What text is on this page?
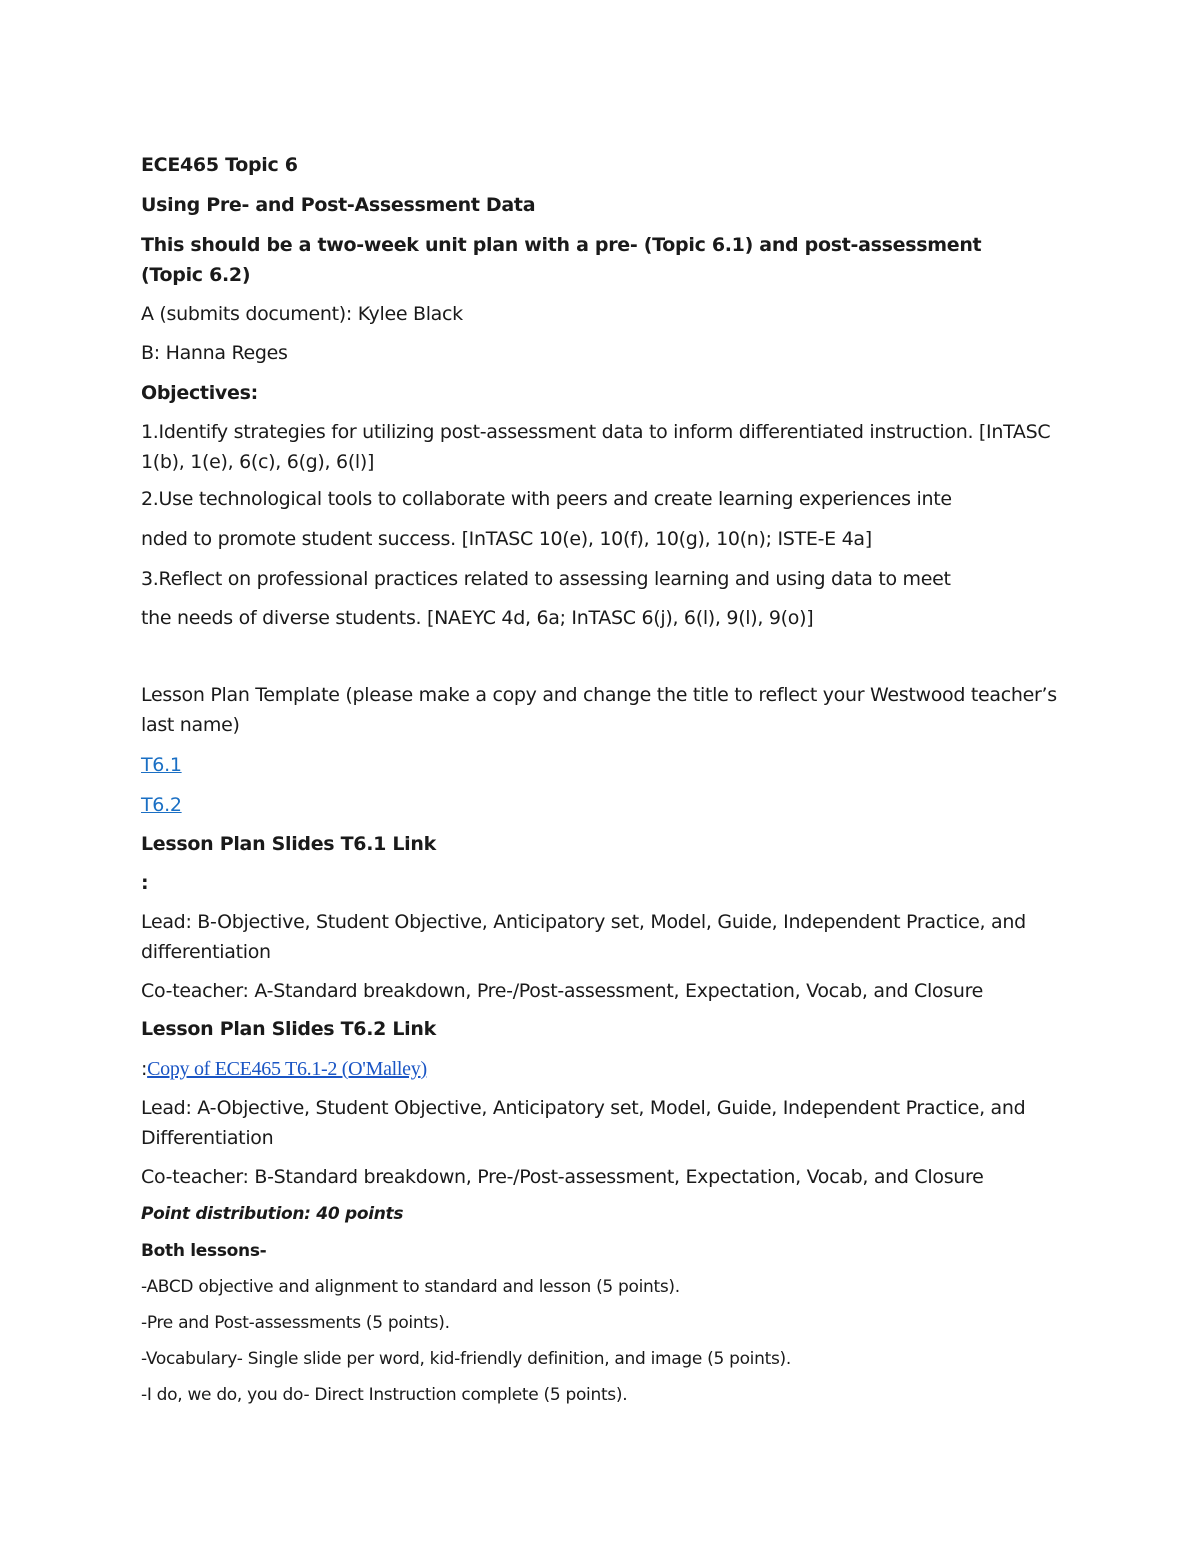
ECE465 Topic 6

Using Pre- and Post-Assessment Data

This should be a two-week unit plan with a pre- (Topic 6.1) and post-assessment (Topic 6.2)

A (submits document): Kylee Black

B: Hanna Reges

Objectives:

1.Identify strategies for utilizing post-assessment data to inform differentiated instruction. [InTASC 1(b), 1(e), 6(c), 6(g), 6(l)]

2.Use technological tools to collaborate with peers and create learning experiences inte

nded to promote student success. [InTASC 10(e), 10(f), 10(g), 10(n); ISTE-E 4a]

3.Reflect on professional practices related to assessing learning and using data to meet

the needs of diverse students. [NAEYC 4d, 6a; InTASC 6(j), 6(l), 9(l), 9(o)]

Lesson Plan Template (please make a copy and change the title to reflect your Westwood teacher’s last name)

T6.1

T6.2

Lesson Plan Slides T6.1 Link

:

Lead: B-Objective, Student Objective, Anticipatory set, Model, Guide, Independent Practice, and differentiation

Co-teacher: A-Standard breakdown, Pre-/Post-assessment, Expectation, Vocab, and Closure

Lesson Plan Slides T6.2 Link

:Copy of ECE465 T6.1-2 (O'Malley)

Lead: A-Objective, Student Objective, Anticipatory set, Model, Guide, Independent Practice, and Differentiation

Co-teacher: B-Standard breakdown, Pre-/Post-assessment, Expectation, Vocab, and Closure

Point distribution: 40 points

Both lessons-

-ABCD objective and alignment to standard and lesson (5 points).

-Pre and Post-assessments (5 points).

-Vocabulary- Single slide per word, kid-friendly definition, and image (5 points).

-I do, we do, you do- Direct Instruction complete (5 points).
